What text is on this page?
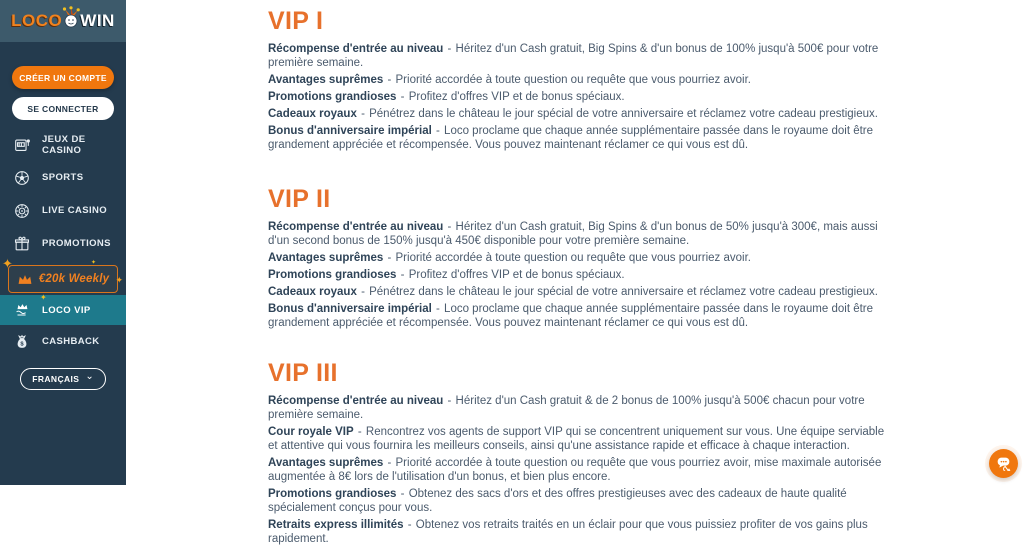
LOCO WIN
CRÉER UN COMPTE
SE CONNECTER
JEUX DE CASINO
SPORTS
LIVE CASINO
PROMOTIONS
€20k Weekly
✦
✦
✦
✦
LOCO VIP
$ CASHBACK
FRANÇAIS ⌄
VIP I

Récompense d'entrée au niveau - Héritez d'un Cash gratuit, Big Spins & d'un bonus de 100% jusqu'à 500€ pour votre première semaine.

Avantages suprêmes - Priorité accordée à toute question ou requête que vous pourriez avoir.

Promotions grandioses - Profitez d'offres VIP et de bonus spéciaux.

Cadeaux royaux - Pénétrez dans le château le jour spécial de votre anniversaire et réclamez votre cadeau prestigieux.

Bonus d'anniversaire impérial - Loco proclame que chaque année supplémentaire passée dans le royaume doit être grandement appréciée et récompensée. Vous pouvez maintenant réclamer ce qui vous est dû.

VIP II

Récompense d'entrée au niveau - Héritez d'un Cash gratuit, Big Spins & d'un bonus de 50% jusqu'à 300€, mais aussi d'un second bonus de 150% jusqu'à 450€ disponible pour votre première semaine.

Avantages suprêmes - Priorité accordée à toute question ou requête que vous pourriez avoir.

Promotions grandioses - Profitez d'offres VIP et de bonus spéciaux.

Cadeaux royaux - Pénétrez dans le château le jour spécial de votre anniversaire et réclamez votre cadeau prestigieux.

Bonus d'anniversaire impérial - Loco proclame que chaque année supplémentaire passée dans le royaume doit être grandement appréciée et récompensée. Vous pouvez maintenant réclamer ce qui vous est dû.

VIP III

Récompense d'entrée au niveau - Héritez d'un Cash gratuit & de 2 bonus de 100% jusqu'à 500€ chacun pour votre première semaine.

Cour royale VIP - Rencontrez vos agents de support VIP qui se concentrent uniquement sur vous. Une équipe serviable et attentive qui vous fournira les meilleurs conseils, ainsi qu'une assistance rapide et efficace à chaque interaction.

Avantages suprêmes - Priorité accordée à toute question ou requête que vous pourriez avoir, mise maximale autorisée augmentée à 8€ lors de l'utilisation d'un bonus, et bien plus encore.

Promotions grandioses - Obtenez des sacs d'ors et des offres prestigieuses avec des cadeaux de haute qualité spécialement conçus pour vous.

Retraits express illimités - Obtenez vos retraits traités en un éclair pour que vous puissiez profiter de vos gains plus rapidement.
